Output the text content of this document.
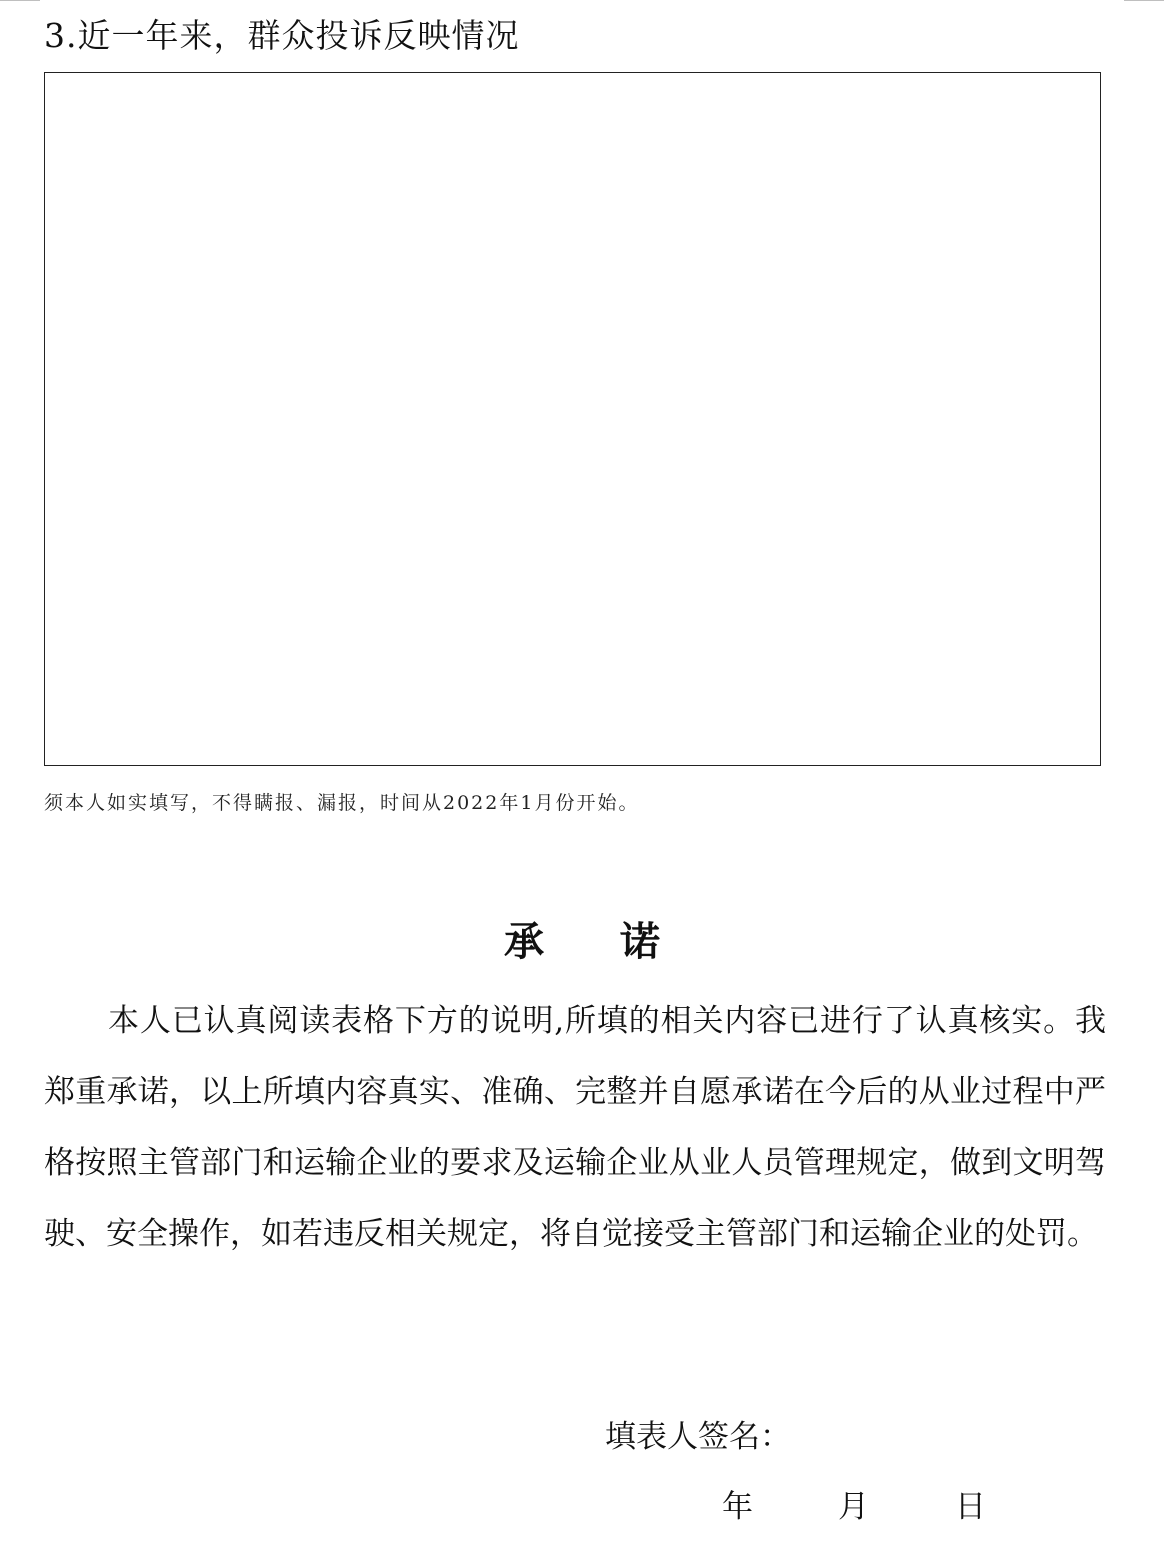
3.近一年来，群众投诉反映情况
须本人如实填写，不得瞒报、漏报，时间从2022年1月份开始。
承 诺

本人已认真阅读表格下方的说明,所填的相关内容已进行了认真核实。我郑重承诺，以上所填内容真实、准确、完整并自愿承诺在今后的从业过程中严格按照主管部门和运输企业的要求及运输企业从业人员管理规定，做到文明驾驶、安全操作，如若违反相关规定，将自觉接受主管部门和运输企业的处罚。

填表人签名：
年	月	日
